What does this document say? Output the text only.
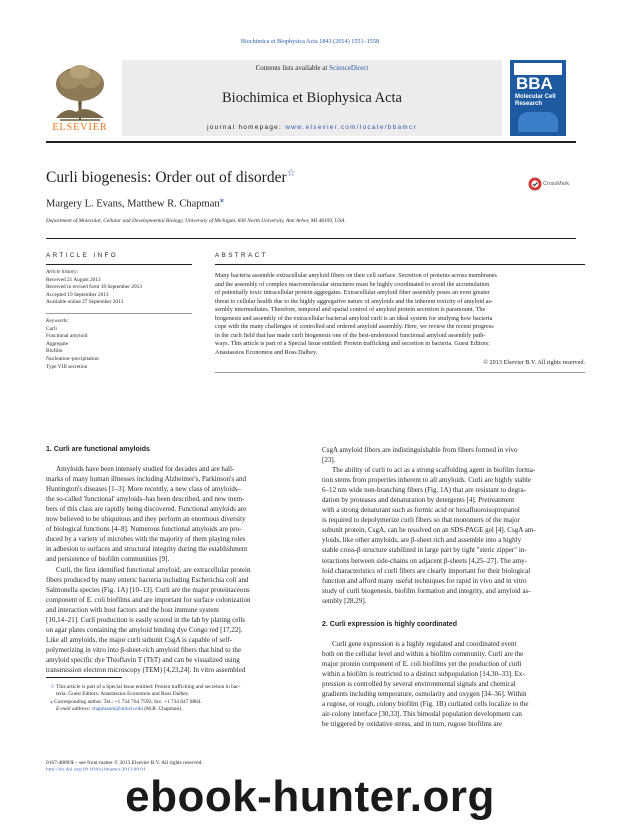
Biochimica et Biophysica Acta 1843 (2014) 1551–1558
ELSEVIER
Contents lists available at ScienceDirect
Biochimica et Biophysica Acta
journal homepage: www.elsevier.com/locate/bbamcr
BBA
Molecular Cell
Research
Curli biogenesis: Order out of disorder☆
CrossMark
Margery L. Evans, Matthew R. Chapman⁎
Department of Molecular, Cellular and Developmental Biology, University of Michigan, 830 North University, Ann Arbor, MI 48109, USA
ARTICLE INFO
Article history:
Received 21 August 2013
Received in revised form 18 September 2013
Accepted 19 September 2013
Available online 27 September 2013
Keywords:
Curli
Functional amyloid
Aggregate
Biofilm
Nucleation–precipitation
Type VIII secretion
ABSTRACT
Many bacteria assemble extracellular amyloid fibers on their cell surface. Secretion of proteins across membranes
and the assembly of complex macromolecular structures must be highly coordinated to avoid the accumulation
of potentially toxic intracellular protein aggregates. Extracellular amyloid fiber assembly poses an even greater
threat to cellular health due to the highly aggregative nature of amyloids and the inherent toxicity of amyloid as-
sembly intermediates. Therefore, temporal and spatial control of amyloid protein secretion is paramount. The
biogenesis and assembly of the extracellular bacterial amyloid curli is an ideal system for studying how bacteria
cope with the many challenges of controlled and ordered amyloid assembly. Here, we review the recent progress
in the curli field that has made curli biogenesis one of the best-understood functional amyloid assembly path-
ways. This article is part of a Special Issue entitled: Protein trafficking and secretion in bacteria. Guest Editors:
Anastassios Economou and Ross Dalbey.
© 2013 Elsevier B.V. All rights reserved.
1. Curli are functional amyloids
Amyloids have been intensely studied for decades and are hall-
marks of many human illnesses including Alzheimer's, Parkinson's and
Huntington's diseases [1–3]. More recently, a new class of amyloids–
the so-called 'functional' amyloids–has been described, and new mem-
bers of this class are rapidly being discovered. Functional amyloids are
now believed to be ubiquitous and they perform an enormous diversity
of biological functions [4–8]. Numerous functional amyloids are pro-
duced by a variety of microbes with the majority of them playing roles
in adhesion to surfaces and structural integrity during the establishment
and persistence of biofilm communities [9].
Curli, the first identified functional amyloid, are extracellular protein
fibers produced by many enteric bacteria including Escherichia coli and
Salmonella species (Fig. 1A) [10–13]. Curli are the major proteinaceous
component of E. coli biofilms and are important for surface colonization
and interaction with host factors and the host immune system
[10,14–21]. Curli production is easily scored in the lab by plating cells
on agar plates containing the amyloid binding dye Congo red [17,22].
Like all amyloids, the major curli subunit CsgA is capable of self-
polymerizing in vitro into β-sheet-rich amyloid fibers that bind to the
amyloid specific dye Thioflavin T (ThT) and can be visualized using
transmission electron microscopy (TEM) [4,23,24]. In vitro assembled
☆ This article is part of a Special Issue entitled: Protein trafficking and secretion in bac-
teria. Guest Editors: Anastassios Economou and Ross Dalbey.
⁎ Corresponding author. Tel.: +1 734 764 7592; fax: +1 734 647 0884.
E-mail address: chapmanm@umich.edu (M.R. Chapman).
0167-4889/$ – see front matter © 2013 Elsevier B.V. All rights reserved.
CsgA amyloid fibers are indistinguishable from fibers formed in vivo
[23].
The ability of curli to act as a strong scaffolding agent in biofilm forma-
tion stems from properties inherent to all amyloids. Curli are highly stable
6–12 nm wide non-branching fibers (Fig. 1A) that are resistant to degra-
dation by proteases and denaturation by detergents [4]. Pretreatment
with a strong denaturant such as formic acid or hexafluoroisopropanol
is required to depolymerize curli fibers so that monomers of the major
subunit protein, CsgA, can be resolved on an SDS-PAGE gel [4]. CsgA am-
yloids, like other amyloids, are β-sheet rich and assemble into a highly
stable cross-β structure stabilized in large part by tight "steric zipper" in-
teractions between side-chains on adjacent β-sheets [4,25–27]. The amy-
loid characteristics of curli fibers are clearly important for their biological
function and afford many useful techniques for rapid in vivo and in vitro
study of curli biogenesis, biofilm formation and integrity, and amyloid as-
sembly [28,29].
2. Curli expression is highly coordinated
Curli gene expression is a highly regulated and coordinated event
both on the cellular level and within a biofilm community. Curli are the
major protein component of E. coli biofilms yet the production of curli
within a biofilm is restricted to a distinct subpopulation [14,30–33]. Ex-
pression is controlled by several environmental signals and chemical
gradients including temperature, osmolarity and oxygen [34–36]. Within
a rugose, or rough, colony biofilm (Fig. 1B) curliated cells localize to the
air-colony interface [30,33]. This bimodal population development can
be triggered by oxidative stress, and in turn, rugose biofilms are
ebook-hunter.org
